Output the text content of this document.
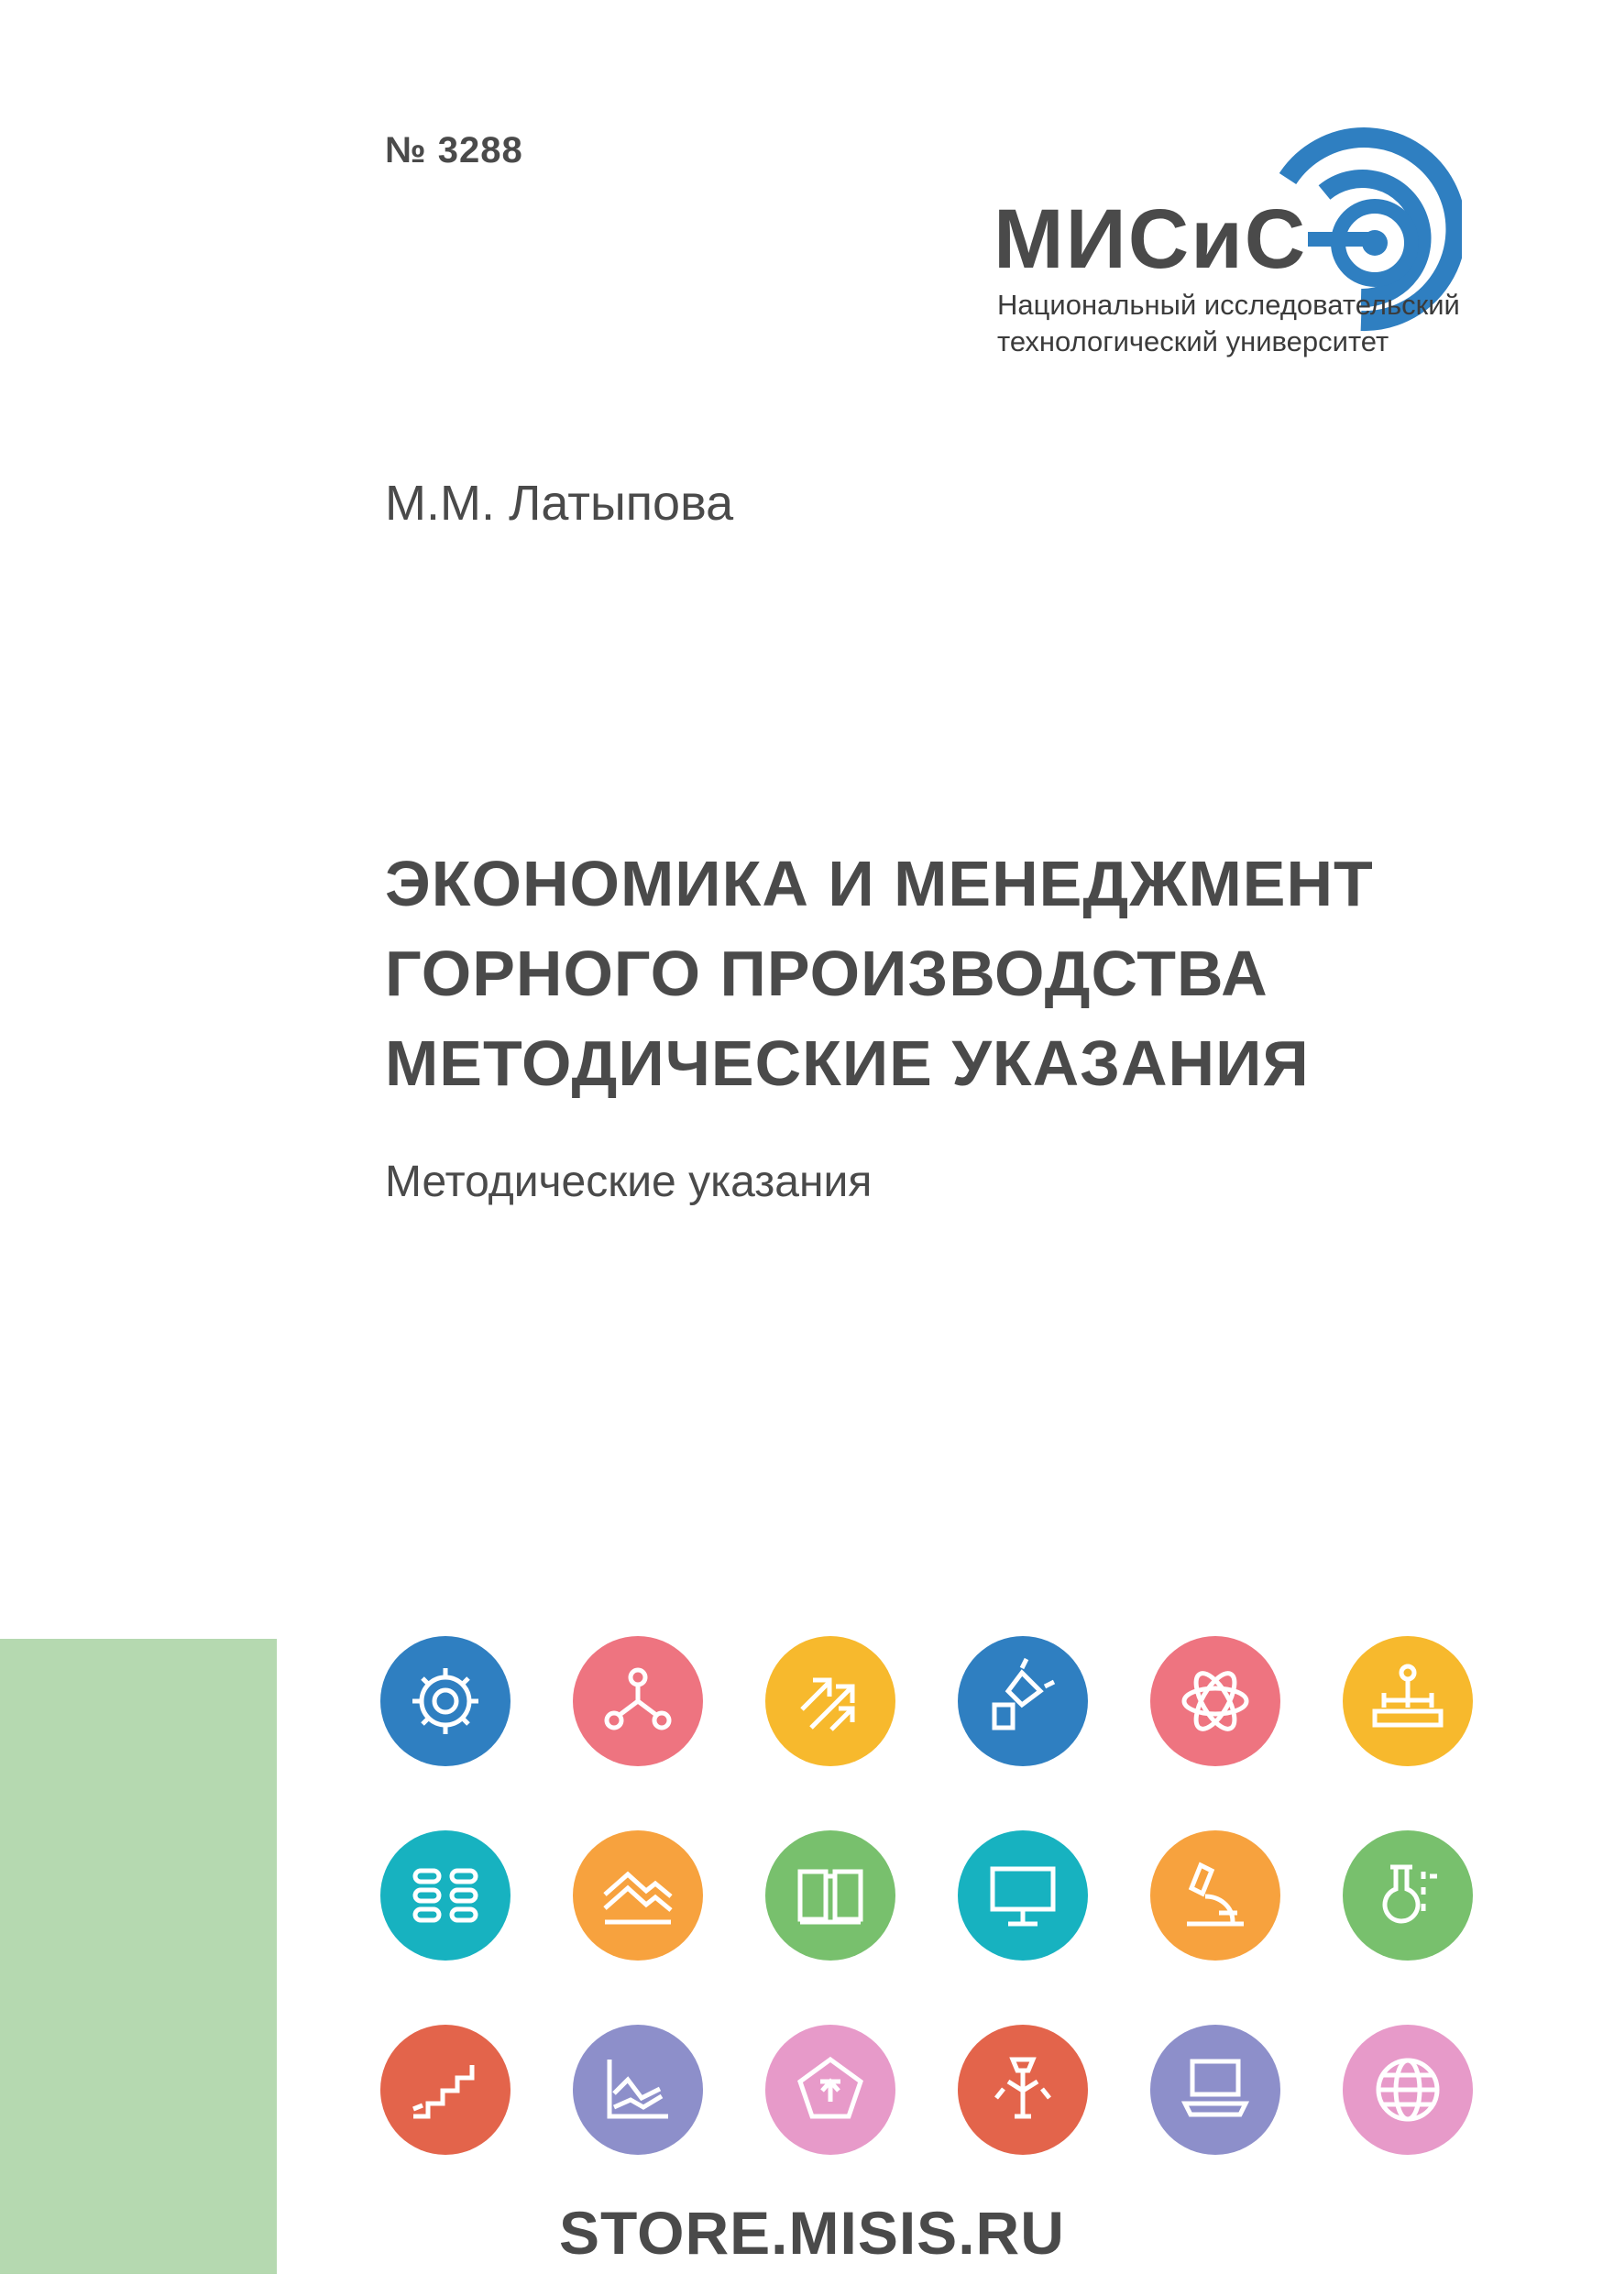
№ 3288
МИСиС
Национальный исследовательский
технологический университет
М.М. Латыпова
ЭКОНОМИКА И МЕНЕДЖМЕНТ
ГОРНОГО ПРОИЗВОДСТВА
МЕТОДИЧЕСКИЕ УКАЗАНИЯ
Методические указания
STORE.MISIS.RU
